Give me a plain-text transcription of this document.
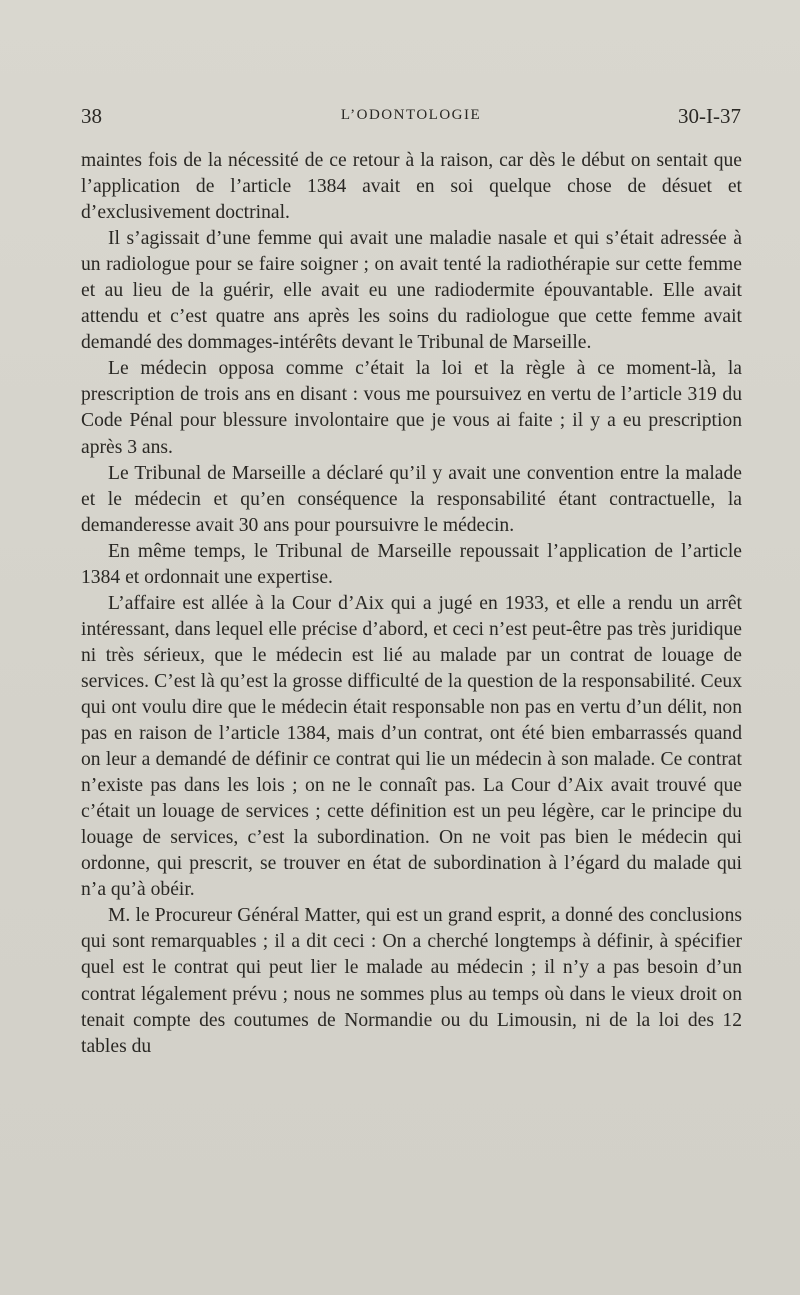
38	L’ODONTOLOGIE	30-I-37

maintes fois de la nécessité de ce retour à la raison, car dès le début on sentait que l’application de l’article 1384 avait en soi quelque chose de désuet et d’exclusivement doctrinal.

Il s’agissait d’une femme qui avait une maladie nasale et qui s’était adressée à un radiologue pour se faire soigner ; on avait tenté la radiothérapie sur cette femme et au lieu de la guérir, elle avait eu une radiodermite épouvantable. Elle avait attendu et c’est quatre ans après les soins du radiologue que cette femme avait demandé des dommages-intérêts devant le Tribunal de Marseille.

Le médecin opposa comme c’était la loi et la règle à ce moment-là, la prescription de trois ans en disant : vous me poursuivez en vertu de l’article 319 du Code Pénal pour blessure involontaire que je vous ai faite ; il y a eu prescription après 3 ans.

Le Tribunal de Marseille a déclaré qu’il y avait une convention entre la malade et le médecin et qu’en conséquence la responsabilité étant contractuelle, la demanderesse avait 30 ans pour poursuivre le médecin.

En même temps, le Tribunal de Marseille repoussait l’application de l’article 1384 et ordonnait une expertise.

L’affaire est allée à la Cour d’Aix qui a jugé en 1933, et elle a rendu un arrêt intéressant, dans lequel elle précise d’abord, et ceci n’est peut-être pas très juridique ni très sérieux, que le médecin est lié au malade par un contrat de louage de services. C’est là qu’est la grosse difficulté de la question de la responsabilité. Ceux qui ont voulu dire que le médecin était responsable non pas en vertu d’un délit, non pas en raison de l’article 1384, mais d’un contrat, ont été bien embarrassés quand on leur a demandé de définir ce contrat qui lie un médecin à son malade. Ce contrat n’existe pas dans les lois ; on ne le connaît pas. La Cour d’Aix avait trouvé que c’était un louage de services ; cette définition est un peu légère, car le principe du louage de services, c’est la subordination. On ne voit pas bien le médecin qui ordonne, qui prescrit, se trouver en état de subordination à l’égard du malade qui n’a qu’à obéir.

M. le Procureur Général Matter, qui est un grand esprit, a donné des conclusions qui sont remarquables ; il a dit ceci : On a cherché longtemps à définir, à spécifier quel est le contrat qui peut lier le malade au médecin ; il n’y a pas besoin d’un contrat légalement prévu ; nous ne sommes plus au temps où dans le vieux droit on tenait compte des coutumes de Normandie ou du Limousin, ni de la loi des 12 tables du
